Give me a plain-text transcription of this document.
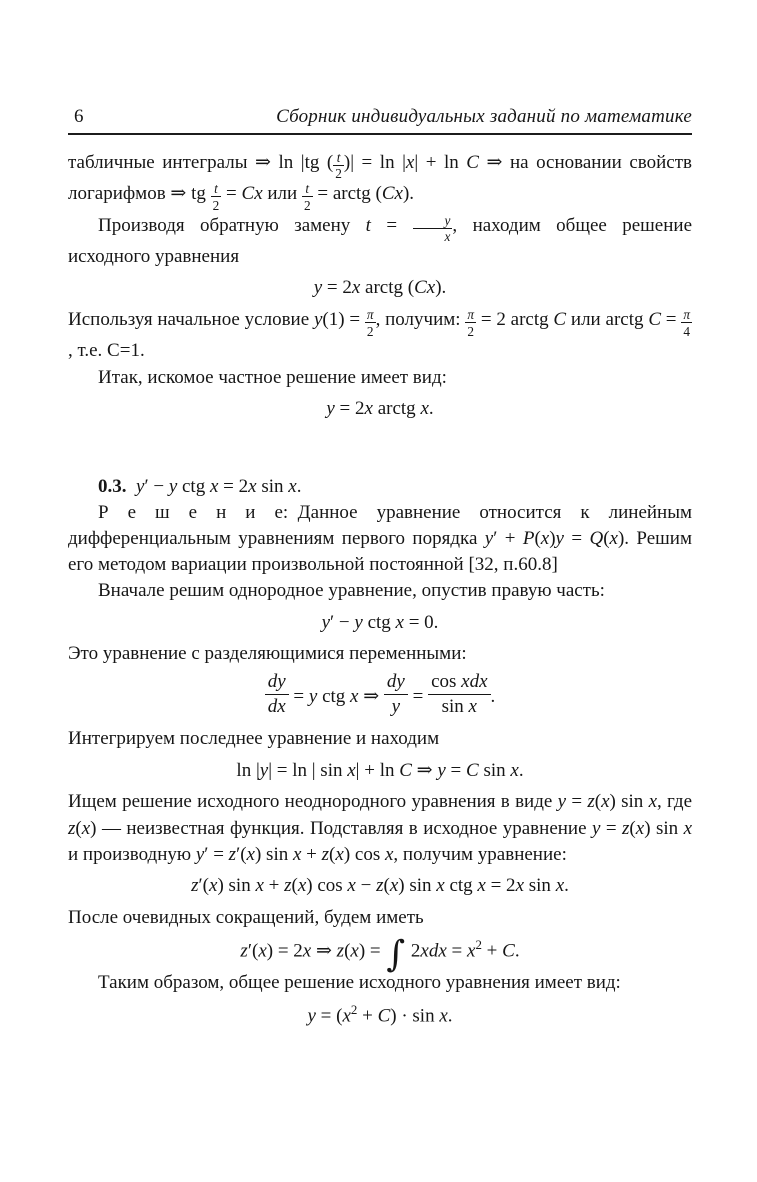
6	Сборник индивидуальных заданий по математике
табличные интегралы ⇒ ln |tg ( $\frac{t}{2}$ )| = ln |x| + ln C ⇒ на основании свойств логарифмов ⇒ tg $\frac{t}{2} = Cx$ или $\frac{t}{2}$ = arctg (Cx).
Производя обратную замену $t = \frac{y}{x}$ , находим общее решение исходного уравнения
y = 2x arctg (Cx).
Используя начальное условие $y(1) = \frac{\pi}{2}$ , получим: $\frac{\pi}{2} = 2$ arctg C или arctg $C = \frac{\pi}{4}$
, т.е. C=1.
Итак, искомое частное решение имеет вид:
y = 2x arctg x.
0.3.  y′ − y ctg x = 2x sin x.
Р е ш е н и е: Данное уравнение относится к линейным дифференциальным уравнениям первого порядка y′ + P(x)y = Q(x). Решим его методом вариации произвольной постоянной [32, п.60.8]
Вначале решим однородное уравнение, опустив правую часть:
y′ − y ctg x = 0.
Это уравнение с разделяющимися переменными:
$\frac{dy}{dx} = y$ ctg x ⇒ $\frac{dy}{y} = \frac{\text{cos xdx}}{\text{sin x}}$ .
Интегрируем последнее уравнение и находим
ln |y| = ln | sin x| + ln C ⇒ y = C sin x.
Ищем решение исходного неоднородного уравнения в виде y = z(x) sin x, где z(x) — неизвестная функция. Подставляя в исходное уравнение y = z(x) sin x и производную y′ = z′(x) sin x + z(x) cos x, получим уравнение:
z′(x) sin x + z(x) cos x − z(x) sin x ctg x = 2x sin x.
После очевидных сокращений, будем иметь
z′(x) = 2x ⇒ z(x) = ∫ $2xdx = x^2 + C$.
Таким образом, общее решение исходного уравнения имеет вид:
$y = (x^2 + C) \cdot \sin x$.
